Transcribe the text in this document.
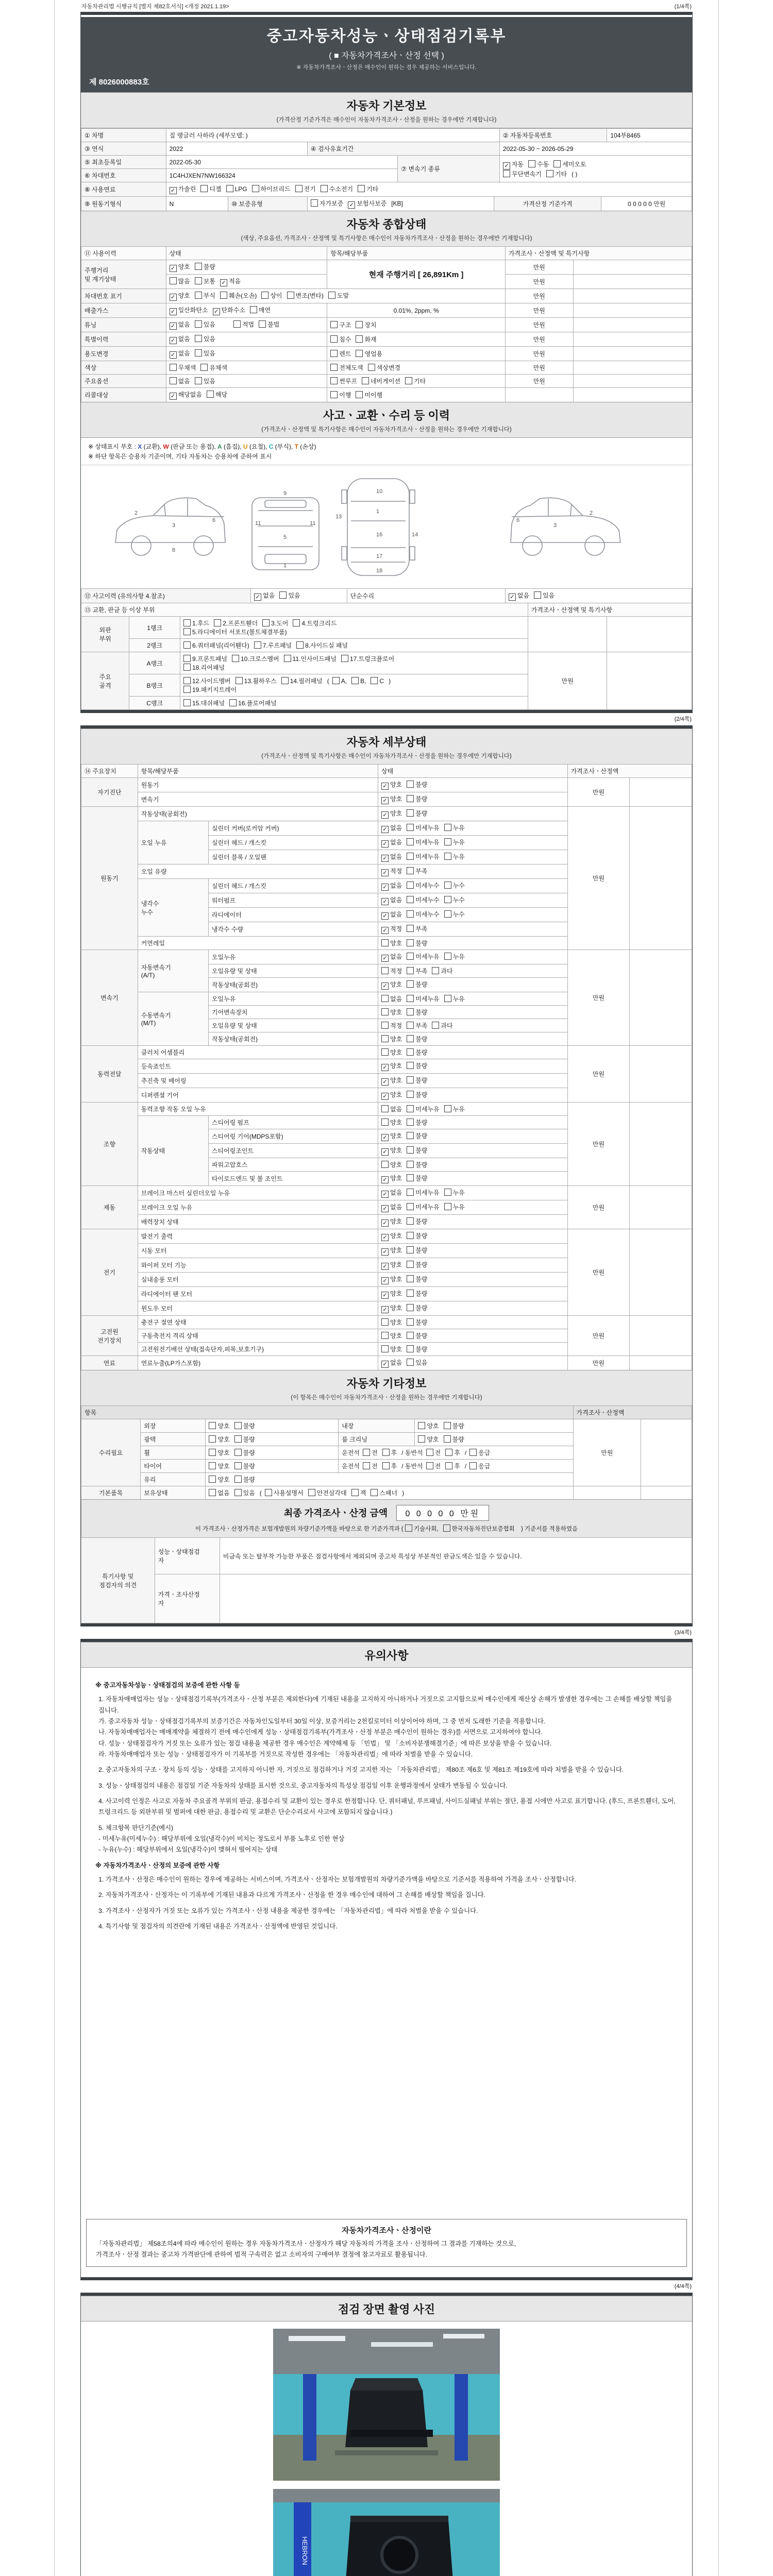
자동차관리법 시행규칙 [별지 제82호서식] <개정 2021.1.19>	(1/4쪽)
중고자동차성능ㆍ상태점검기록부
( ■ 자동차가격조사ㆍ산정 선택 )
※ 자동차가격조사ㆍ산정은 매수인이 원하는 경우 제공하는 서비스입니다.
제 8026000883호
자동차 기본정보
(가격산정 기준가격은 매수인이 자동차가격조사ㆍ산정을 원하는 경우에만 기재합니다)
① 차명	짚 랭글러 사하라 (세부모델: )			② 자동차등록번호	104부8465
③ 연식	2022	④ 검사유효기간		2022-05-30 ~ 2026-05-29	
⑤ 최초등록일	2022-05-30		⑦ 변속기 종류	✓ 자동 수동 세미오토
무단변속기 기타 ( )	
⑥ 차대번호	1C4HJXEN7NW166324				
⑧ 사용연료	✓ 가솔린 디젤 LPG 하이브리드 전기 수소전기 기타				
⑨ 원동기형식	N	⑩ 보증유형	자가보증 ✓ 보험사보증 [KB]	가격산정 기준가격	0 0 0 0 0 만원
자동차 종합상태
(색상, 주요옵션, 가격조사ㆍ산정액 및 특기사항은 매수인이 자동차가격조사ㆍ산정을 원하는 경우에만 기재합니다)
⑪ 사용이력	상태	항목/해당부품	가격조사ㆍ산정액 및 특기사항	
주행거리
및 계기상태	✓ 양호 불량	현재 주행거리 [ 26,891Km ]	만원	
	많음 보통 ✓ 적음		만원	
차대번호 표기	✓ 양호 부식 훼손(오손) 상이 변조(변타) 도말		만원	
배출가스	✓ 일산화탄소 ✓ 탄화수소 매연	0.01%, 2ppm, %	만원	
튜닝	✓ 없음 있음 적법 불법	구조 장치	만원	
특별이력	✓ 없음 있음	침수 화재	만원	
용도변경	✓ 없음 있음	렌트 영업용	만원	
색상	무채색 유채색	전체도색 색상변경	만원	
주요옵션	없음 있음	썬루프 네비게이션 기타	만원	
리콜대상	✓ 해당없음 해당	이행 미이행		
사고ㆍ교환ㆍ수리 등 이력
(가격조사ㆍ산정액 및 특기사항은 매수인이 자동차가격조사ㆍ산정을 원하는 경우에만 기재합니다)
※ 상태표시 부호 : X (교환), W (판금 또는 용접), A (흠집), U (요철), C (부식), T (손상)
※ 하단 항목은 승용차 기준이며, 기타 자동차는 승용차에 준하여 표시
2
3
6
8
9
11	11
5
1
10
1
13
16
17
18
14
2
3
6
⑫ 사고이력 (유의사항 4.참조)	✓ 없음 있음	단순수리	✓ 없음 있음
⑬ 교환, 판금 등 이상 부위			가격조사ㆍ산정액 및 특기사항	
외판
부위	1랭크	1.후드 2.프론트휀더 3.도어 4.트렁크리드
5.라디에이터 서포트(볼트체결부품)		
	2랭크	6.쿼터패널(리어휀다) 7.루프패널 8.사이드실 패널		
주요
골격	A랭크	9.프론트패널 10.크로스멤버 11.인사이드패널 17.트렁크플로어
18.리어패널	만원	
	B랭크	12.사이드멤버 13.휠하우스 14.필러패널 ( A, B, C )
19.패키지트레이		
	C랭크	15.대쉬패널 16.플로어패널		
(2/4쪽)
자동차 세부상태
(가격조사ㆍ산정액 및 특기사항은 매수인이 자동차가격조사ㆍ산정을 원하는 경우에만 기재합니다)
⑭ 주요장치	항목/해당부품		상태	가격조사ㆍ산정액	
자기진단	원동기		✓ 양호 불량	만원	
	변속기		✓ 양호 불량		
원동기	작동상태(공회전)		✓ 양호 불량	만원	
	오일 누유	실린더 커버(로커암 커버)	✓ 없음 미세누유 누유		
		실린더 헤드 / 개스킷	✓ 없음 미세누유 누유		
		실린더 블록 / 오일팬	✓ 없음 미세누유 누유		
	오일 유량		✓ 적정 부족		
	냉각수
누수	실린더 헤드 / 개스킷	✓ 없음 미세누수 누수		
		워터펌프	✓ 없음 미세누수 누수		
		라디에이터	✓ 없음 미세누수 누수		
		냉각수 수량	✓ 적정 부족		
	커먼레일		양호 불량		
변속기	자동변속기
(A/T)	오일누유	✓ 없음 미세누유 누유	만원	
		오일유량 및 상태	적정 부족 과다		
		작동상태(공회전)	✓ 양호 불량		
	수동변속기
(M/T)	오일누유	없음 미세누유 누유		
		기어변속장치	양호 불량		
		오일유량 및 상태	적정 부족 과다		
		작동상태(공회전)	양호 불량		
동력전달	클러치 어셈블리		양호 불량	만원	
	등속죠인트		✓ 양호 불량		
	추진축 및 베어링		✓ 양호 불량		
	디퍼렌셜 기어		✓ 양호 불량		
조향	동력조향 작동 오일 누유		없음 미세누유 누유	만원	
	작동상태	스티어링 펌프	양호 불량		
		스티어링 기어(MDPS포함)	✓ 양호 불량		
		스티어링조인트	✓ 양호 불량		
		파워고압호스	양호 불량		
		타이로드엔드 및 볼 조인트	✓ 양호 불량		
제동	브레이크 마스터 실린더오일 누유		✓ 없음 미세누유 누유	만원	
	브레이크 오일 누유		✓ 없음 미세누유 누유		
	배력장치 상태		✓ 양호 불량		
전기	발전기 출력		✓ 양호 불량	만원	
	시동 모터		✓ 양호 불량		
	와이퍼 모터 기능		✓ 양호 불량		
	실내송풍 모터		✓ 양호 불량		
	라디에이터 팬 모터		✓ 양호 불량		
	윈도우 모터		✓ 양호 불량		
고전원
전기장치	충전구 절연 상태		양호 불량	만원	
	구동축전지 격리 상태		양호 불량		
	고전원전기배선 상태(접속단자,피복,보호기구)		양호 불량		
연료	연료누출(LP가스포함)		✓ 없음 있음	만원	
자동차 기타정보
(이 항목은 매수인이 자동차가격조사ㆍ산정을 원하는 경우에만 기재합니다)
항목					가격조사ㆍ산정액	
수리필요	외장	양호 불량	내장	양호 불량	만원	
	광택	양호 불량	룸 크리닝	양호 불량		
	휠	양호 불량	운전석 전 후 / 동반석 전 후 / 응급			
	타이어	양호 불량	운전석 전 후 / 동반석 전 후 / 응급			
	유리	양호 불량				
기본품목	보유상태	없음 있음 ( 사용설명서 안전삼각대 잭 스패너 )				
최종 가격조사ㆍ산정 금액 0 0 0 0 0 만원
이 가격조사ㆍ산정가격은 보험개발원의 차량기준가액을 바탕으로 한 기준가격과 ( 기술사회, 한국자동차진단보증협회 ) 기준서를 적용하였음
특기사항 및
점검자의 의견	성능ㆍ상태점검
자	비금속 또는 탈부착 가능한 부품은 점검사항에서 제외되며 중고차 특성상 부분적인 판금도색은 있을 수 있습니다.
	가격ㆍ조사산정
자	
(3/4쪽)
유의사항
※ 중고자동차성능ㆍ상태점검의 보증에 관한 사항 등
1. 자동차매매업자는 성능ㆍ상태점검기록부(가격조사ㆍ산정 부분은 제외한다)에 기재된 내용을 고지하지 아니하거나 거짓으로 고지함으로써 매수인에게 재산상 손해가 발생한 경우에는 그 손해를 배상할 책임을 집니다.
가. 중고자동차 성능ㆍ상태점검기록부의 보증기간은 자동차인도일부터 30일 이상, 보증거리는 2천킬로미터 이상이어야 하며, 그 중 먼저 도래한 기준을 적용합니다.
나. 자동차매매업자는 매매계약을 체결하기 전에 매수인에게 성능ㆍ상태점검기록부(가격조사ㆍ산정 부분은 매수인이 원하는 경우)를 서면으로 고지하여야 합니다.
다. 성능ㆍ상태점검자가 거짓 또는 오류가 있는 점검 내용을 제공한 경우 매수인은 계약해제 등 「민법」 및 「소비자분쟁해결기준」에 따른 보상을 받을 수 있습니다.
라. 자동차매매업자 또는 성능ㆍ상태점검자가 이 기록부를 거짓으로 작성한 경우에는 「자동차관리법」에 따라 처벌을 받을 수 있습니다.
2. 중고자동차의 구조ㆍ장치 등의 성능ㆍ상태를 고지하지 아니한 자, 거짓으로 점검하거나 거짓 고지한 자는 「자동차관리법」 제80조 제6호 및 제81조 제19호에 따라 처벌을 받을 수 있습니다.
3. 성능ㆍ상태점검의 내용은 점검일 기준 자동차의 상태를 표시한 것으로, 중고자동차의 특성상 점검일 이후 운행과정에서 상태가 변동될 수 있습니다.
4. 사고이력 인정은 사고로 자동차 주요골격 부위의 판금, 용접수리 및 교환이 있는 경우로 한정합니다. 단, 쿼터패널, 루프패널, 사이드실패널 부위는 절단, 용접 시에만 사고로 표기합니다. (후드, 프론트휀더, 도어, 트렁크리드 등 외판부위 및 범퍼에 대한 판금, 용접수리 및 교환은 단순수리로서 사고에 포함되지 않습니다.)
5. 체크항목 판단기준(예시)
- 미세누유(미세누수) : 해당부위에 오일(냉각수)이 비치는 정도로서 부품 노후로 인한 현상
- 누유(누수) : 해당부위에서 오일(냉각수)이 맺혀서 떨어지는 상태
※ 자동차가격조사ㆍ산정의 보증에 관한 사항
1. 가격조사ㆍ산정은 매수인이 원하는 경우에 제공하는 서비스이며, 가격조사ㆍ산정자는 보험개발원의 차량기준가액을 바탕으로 기준서를 적용하여 가격을 조사ㆍ산정합니다.
2. 자동차가격조사ㆍ산정자는 이 기록부에 기재된 내용과 다르게 가격조사ㆍ산정을 한 경우 매수인에 대하여 그 손해를 배상할 책임을 집니다.
3. 가격조사ㆍ산정자가 거짓 또는 오류가 있는 가격조사ㆍ산정 내용을 제공한 경우에는 「자동차관리법」에 따라 처벌을 받을 수 있습니다.
4. 특기사항 및 점검자의 의견란에 기재된 내용은 가격조사ㆍ산정액에 반영된 것입니다.
자동차가격조사ㆍ산정이란
「자동차관리법」 제58조의4에 따라 매수인이 원하는 경우 자동차가격조사ㆍ산정자가 해당 자동차의 가격을 조사ㆍ산정하여 그 결과를 기재하는 것으로,
가격조사ㆍ산정 결과는 중고차 가격판단에 관하여 법적 구속력은 없고 소비자의 구매여부 결정에 참고자료로 활용됩니다.
(4/4쪽)
점검 장면 촬영 사진
HEBRON
